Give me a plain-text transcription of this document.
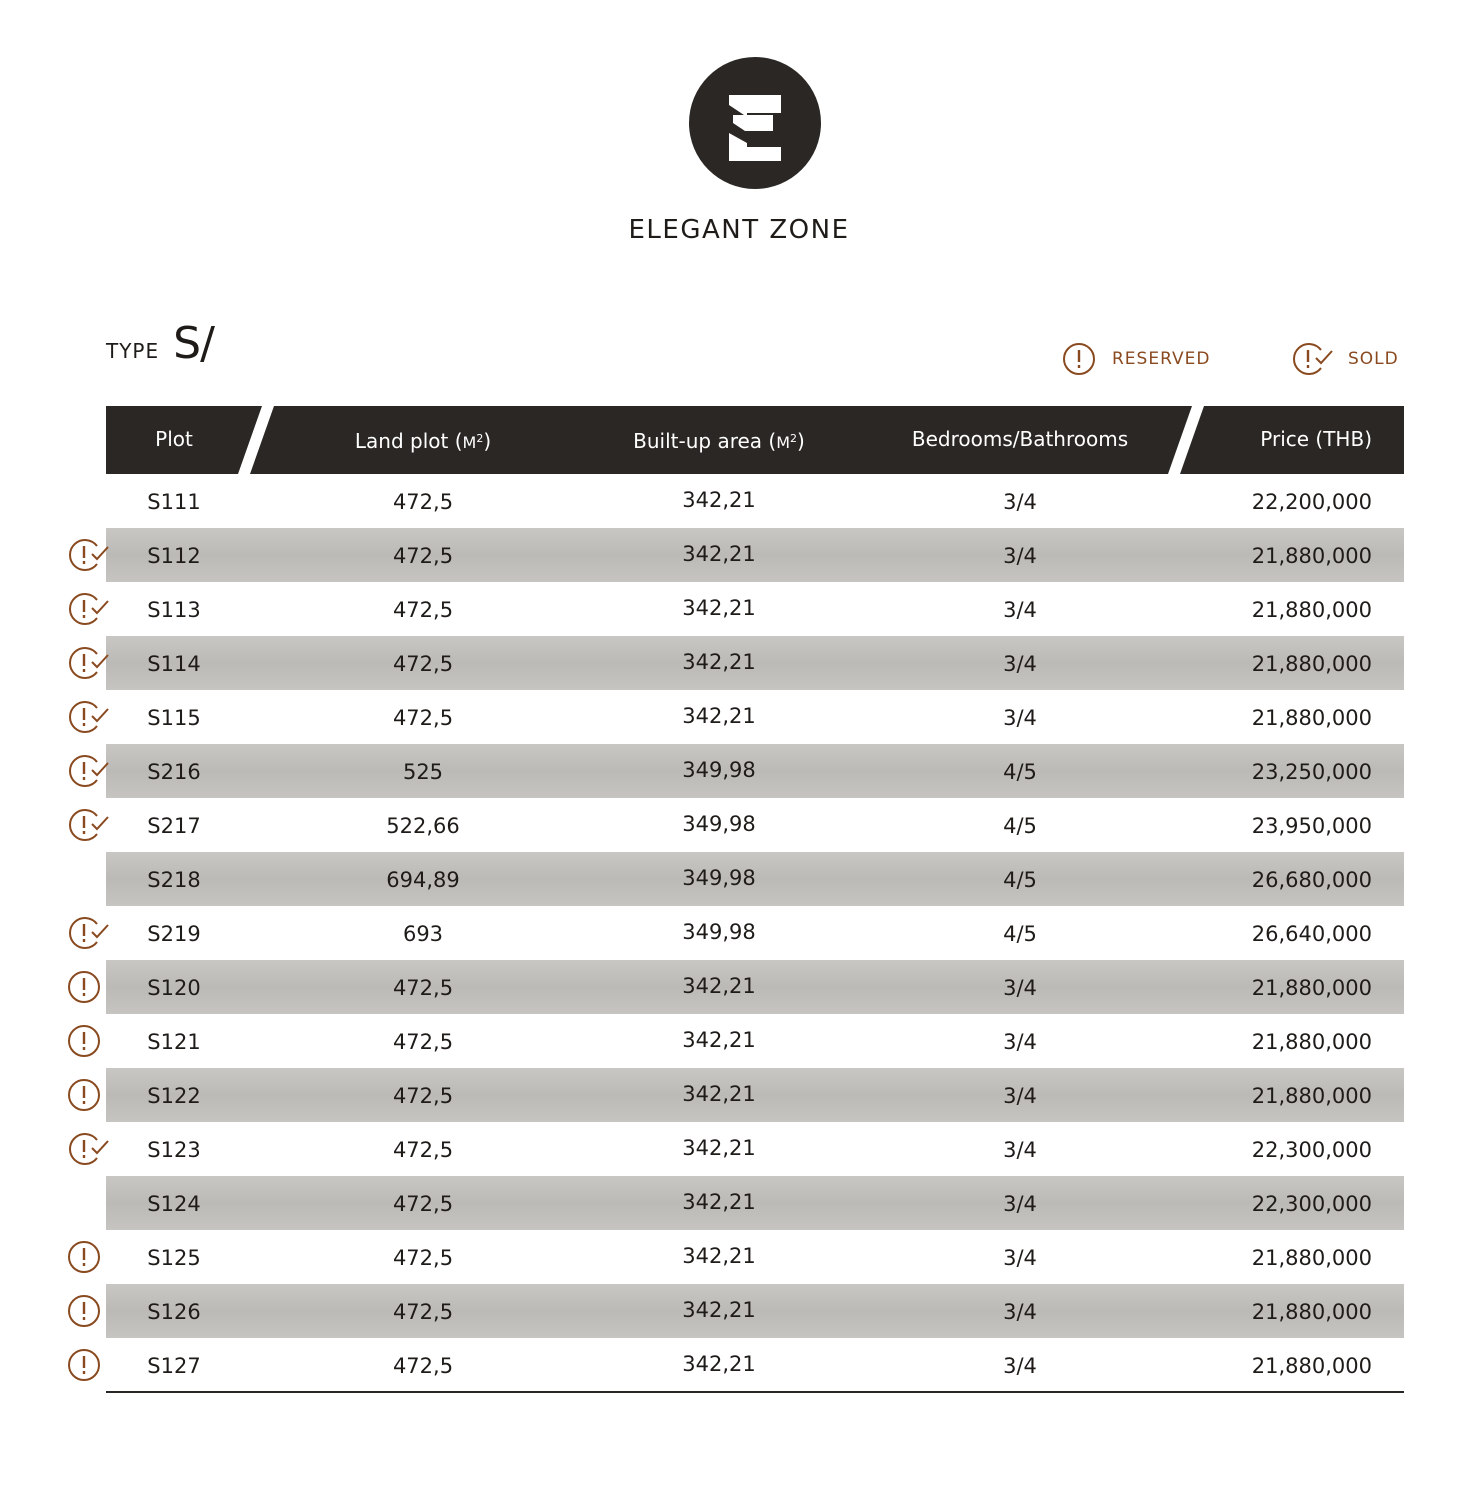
ELEGANT ZONE
TYPE S/	RESERVED	SOLD
Plot	Land plot $(M^2)$	Built-up area $(M^2)$	Bedrooms/Bathrooms	Price (THB)
S111	472,5	342,21	3/4	22,200,000
S112	472,5	342,21	3/4	21,880,000
S113	472,5	342,21	3/4	21,880,000
S114	472,5	342,21	3/4	21,880,000
S115	472,5	342,21	3/4	21,880,000
S216	525	349,98	4/5	23,250,000
S217	522,66	349,98	4/5	23,950,000
S218	694,89	349,98	4/5	26,680,000
S219	693	349,98	4/5	26,640,000
S120	472,5	342,21	3/4	21,880,000
S121	472,5	342,21	3/4	21,880,000
S122	472,5	342,21	3/4	21,880,000
S123	472,5	342,21	3/4	22,300,000
S124	472,5	342,21	3/4	22,300,000
S125	472,5	342,21	3/4	21,880,000
S126	472,5	342,21	3/4	21,880,000
S127	472,5	342,21	3/4	21,880,000
